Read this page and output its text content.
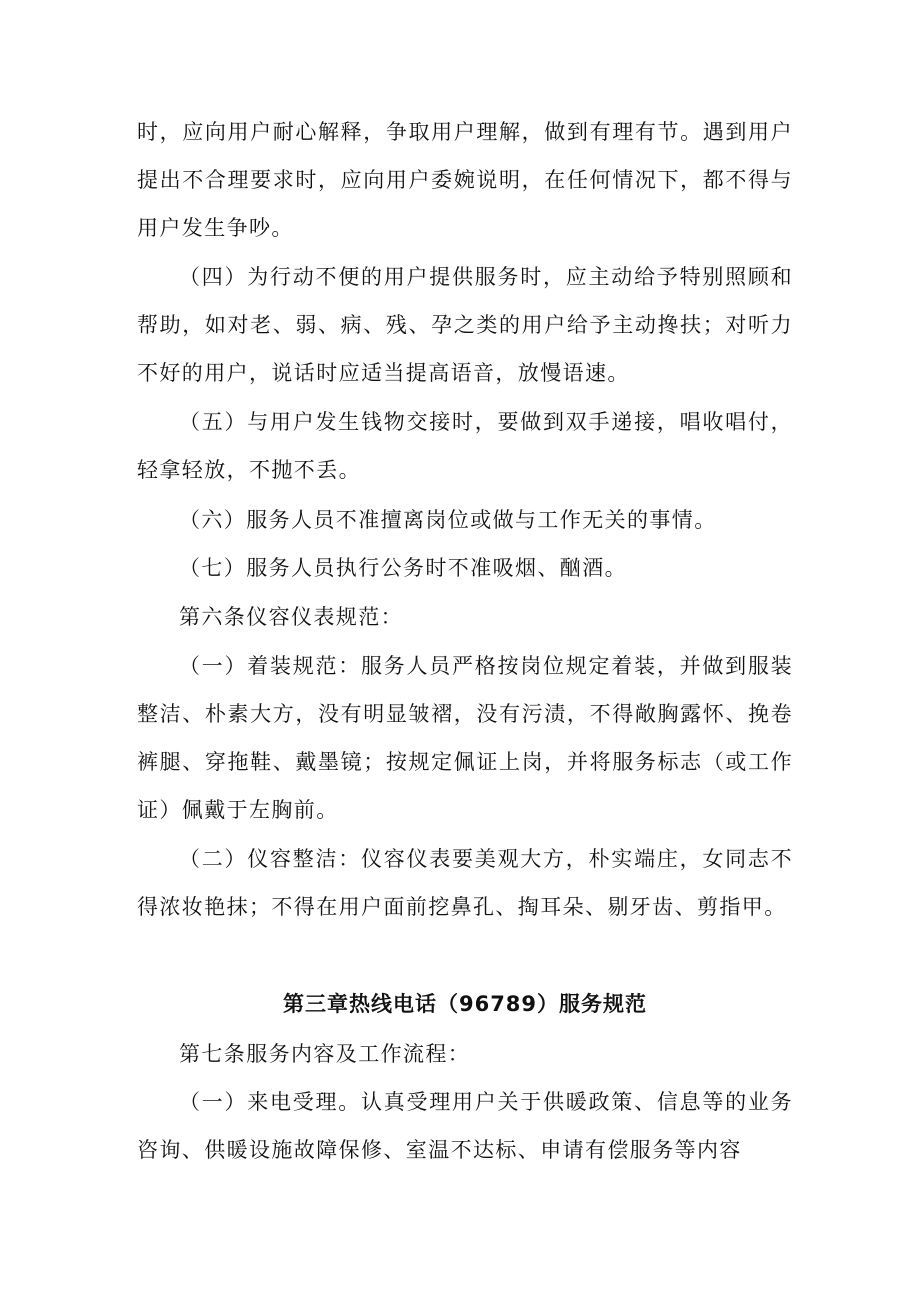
时，应向用户耐心解释，争取用户理解，做到有理有节。遇到用户提出不合理要求时，应向用户委婉说明，在任何情况下，都不得与用户发生争吵。

（四）为行动不便的用户提供服务时，应主动给予特别照顾和帮助，如对老、弱、病、残、孕之类的用户给予主动搀扶；对听力不好的用户，说话时应适当提高语音，放慢语速。

（五）与用户发生钱物交接时，要做到双手递接，唱收唱付，轻拿轻放，不抛不丢。

（六）服务人员不准擅离岗位或做与工作无关的事情。

（七）服务人员执行公务时不准吸烟、酗酒。

第六条仪容仪表规范：

（一）着装规范：服务人员严格按岗位规定着装，并做到服装整洁、朴素大方，没有明显皱褶，没有污渍，不得敞胸露怀、挽卷裤腿、穿拖鞋、戴墨镜；按规定佩证上岗，并将服务标志（或工作证）佩戴于左胸前。

（二）仪容整洁：仪容仪表要美观大方，朴实端庄，女同志不得浓妆艳抹；不得在用户面前挖鼻孔、掏耳朵、剔牙齿、剪指甲。

第三章热线电话（96789）服务规范

第七条服务内容及工作流程：

（一）来电受理。认真受理用户关于供暖政策、信息等的业务咨询、供暖设施故障保修、室温不达标、申请有偿服务等内容
